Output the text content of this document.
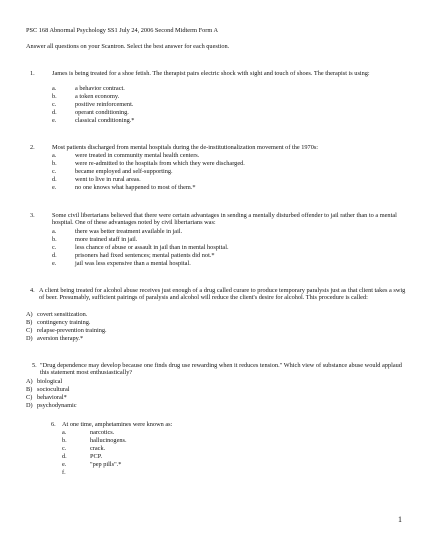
PSC 168 Abnormal Psychology SS1 July 24, 2006 Second Midterm Form A
Answer all questions on your Scantron. Select the best answer for each question.
1.	James is being treated for a shoe fetish. The therapist pairs electric shock with sight and touch of shoes. The therapist is using:
a.	a behavior contract.
b.	a token economy.
c.	positive reinforcement.
d.	operant conditioning.
e.	classical conditioning.*
2.	Most patients discharged from mental hospitals during the de-institutionalization movement of the 1970s:
a.	were treated in community mental health centers.
b.	were re-admitted to the hospitals from which they were discharged.
c.	became employed and self-supporting.
d.	went to live in rural areas.
e.	no one knows what happened to most of them.*
3.	Some civil libertarians believed that there were certain advantages in sending a mentally disturbed offender to jail rather than to a mental hospital. One of these advantages noted by civil libertarians was:
a.	there was better treatment available in jail.
b.	more trained staff in jail.
c.	less chance of abuse or assault in jail than in mental hospital.
d.	prisoners had fixed sentences; mental patients did not.*
e.	jail was less expensive than a mental hospital.
4. A client being treated for alcohol abuse receives just enough of a drug called curare to produce temporary paralysis just as that client takes a swig of beer. Presumably, sufficient pairings of paralysis and alcohol will reduce the client's desire for alcohol. This procedure is called:
A) covert sensitization.
B) contingency training.
C) relapse-prevention training.
D) aversion therapy.*
5. "Drug dependence may develop because one finds drug use rewarding when it reduces tension." Which view of substance abuse would applaud this statement most enthusiastically?
A) biological
B) sociocultural
C) behavioral*
D) psychodynamic
6. At one time, amphetamines were known as:
a.	narcotics.
b.	hallucinogens.
c.	crack.
d.	PCP.
e.	"pep pills".*
f.
1
